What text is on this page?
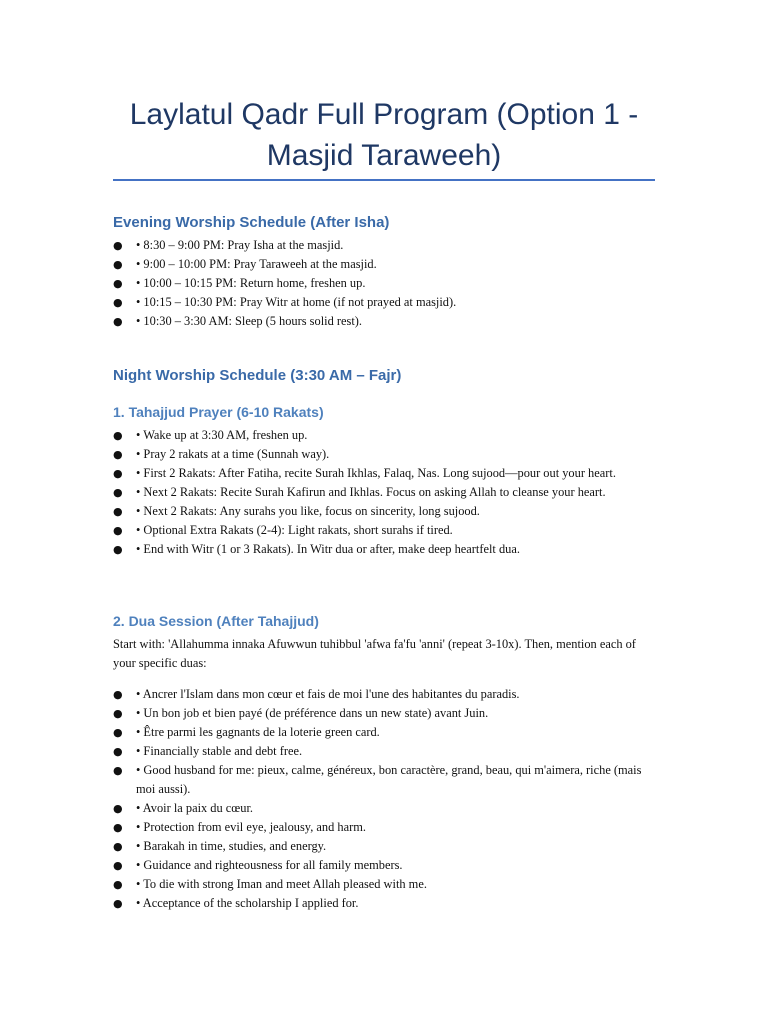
Laylatul Qadr Full Program (Option 1 - Masjid Taraweeh)
Evening Worship Schedule (After Isha)
● • 8:30 – 9:00 PM: Pray Isha at the masjid.
● • 9:00 – 10:00 PM: Pray Taraweeh at the masjid.
● • 10:00 – 10:15 PM: Return home, freshen up.
● • 10:15 – 10:30 PM: Pray Witr at home (if not prayed at masjid).
● • 10:30 – 3:30 AM: Sleep (5 hours solid rest).
Night Worship Schedule (3:30 AM – Fajr)
1. Tahajjud Prayer (6-10 Rakats)
● • Wake up at 3:30 AM, freshen up.
● • Pray 2 rakats at a time (Sunnah way).
● • First 2 Rakats: After Fatiha, recite Surah Ikhlas, Falaq, Nas. Long sujood—pour out your heart.
● • Next 2 Rakats: Recite Surah Kafirun and Ikhlas. Focus on asking Allah to cleanse your heart.
● • Next 2 Rakats: Any surahs you like, focus on sincerity, long sujood.
● • Optional Extra Rakats (2-4): Light rakats, short surahs if tired.
● • End with Witr (1 or 3 Rakats). In Witr dua or after, make deep heartfelt dua.
2. Dua Session (After Tahajjud)

Start with: 'Allahumma innaka Afuwwun tuhibbul 'afwa fa'fu 'anni' (repeat 3-10x). Then, mention each of your specific duas:

● • Ancrer l'Islam dans mon cœur et fais de moi l'une des habitantes du paradis.
● • Un bon job et bien payé (de préférence dans un new state) avant Juin.
● • Être parmi les gagnants de la loterie green card.
● • Financially stable and debt free.
● • Good husband for me: pieux, calme, généreux, bon caractère, grand, beau, qui m'aimera, riche (mais moi aussi).
● • Avoir la paix du cœur.
● • Protection from evil eye, jealousy, and harm.
● • Barakah in time, studies, and energy.
● • Guidance and righteousness for all family members.
● • To die with strong Iman and meet Allah pleased with me.
● • Acceptance of the scholarship I applied for.
